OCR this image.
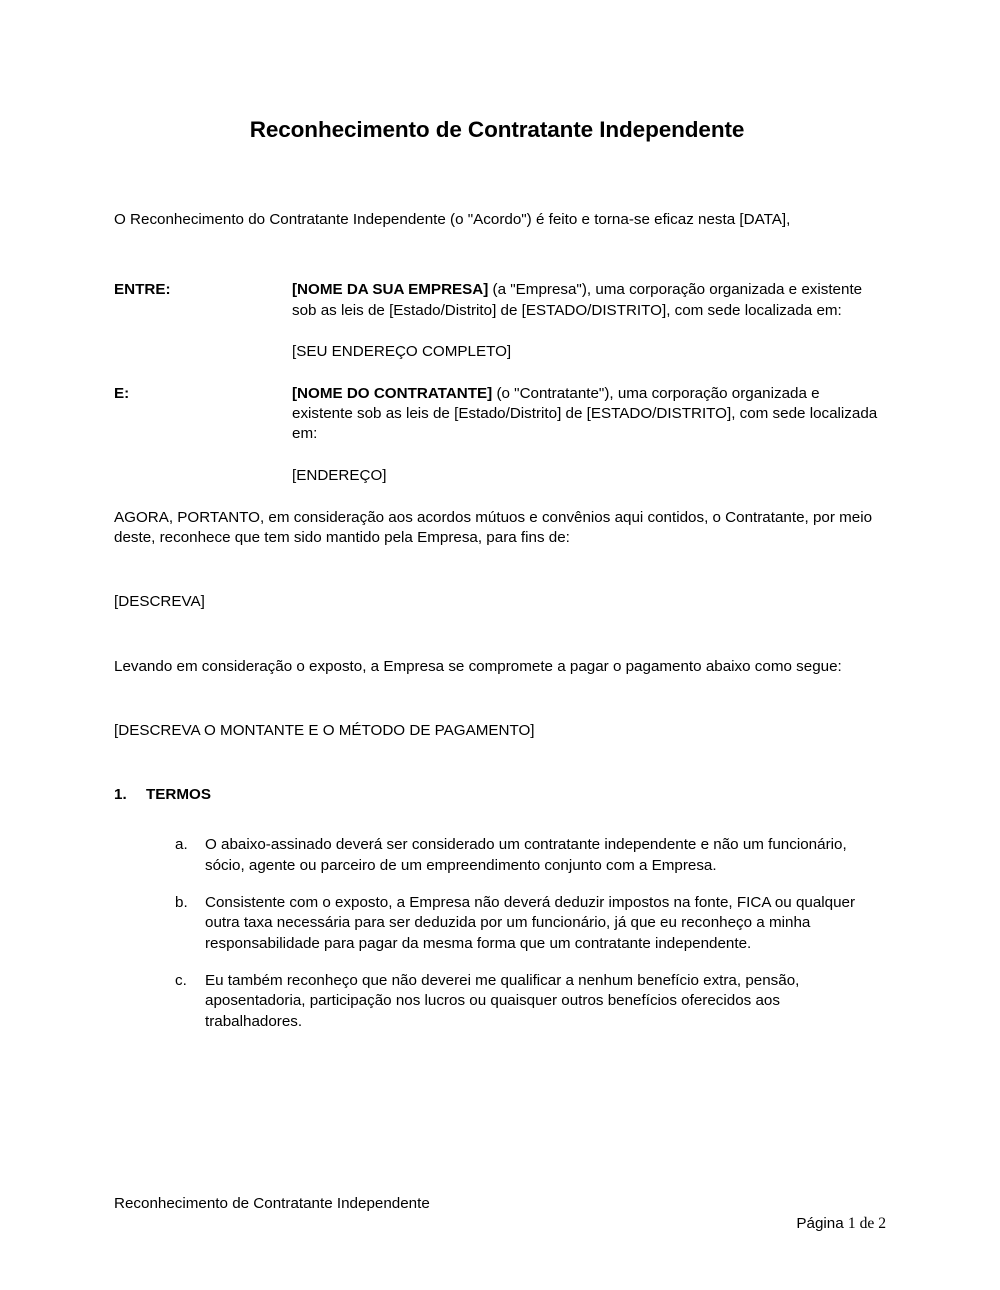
Reconhecimento de Contratante Independente

O Reconhecimento do Contratante Independente (o "Acordo") é feito e torna-se eficaz nesta [DATA],

ENTRE:	[NOME DA SUA EMPRESA] (a "Empresa"), uma corporação organizada e existente sob as leis de [Estado/Distrito] de [ESTADO/DISTRITO], com sede localizada em:
[SEU ENDEREÇO COMPLETO]
E:	[NOME DO CONTRATANTE] (o "Contratante"), uma corporação organizada e existente sob as leis de [Estado/Distrito] de [ESTADO/DISTRITO], com sede localizada em:
[ENDEREÇO]

AGORA, PORTANTO, em consideração aos acordos mútuos e convênios aqui contidos, o Contratante, por meio deste, reconhece que tem sido mantido pela Empresa, para fins de:

[DESCREVA]

Levando em consideração o exposto, a Empresa se compromete a pagar o pagamento abaixo como segue:

[DESCREVA O MONTANTE E O MÉTODO DE PAGAMENTO]

1.	TERMOS
a.	O abaixo-assinado deverá ser considerado um contratante independente e não um funcionário, sócio, agente ou parceiro de um empreendimento conjunto com a Empresa.
b.	Consistente com o exposto, a Empresa não deverá deduzir impostos na fonte, FICA ou qualquer outra taxa necessária para ser deduzida por um funcionário, já que eu reconheço a minha responsabilidade para pagar da mesma forma que um contratante independente.
c.	Eu também reconheço que não deverei me qualificar a nenhum benefício extra, pensão, aposentadoria, participação nos lucros ou quaisquer outros benefícios oferecidos aos trabalhadores.
Reconhecimento de Contratante Independente

Página 1 de 2
